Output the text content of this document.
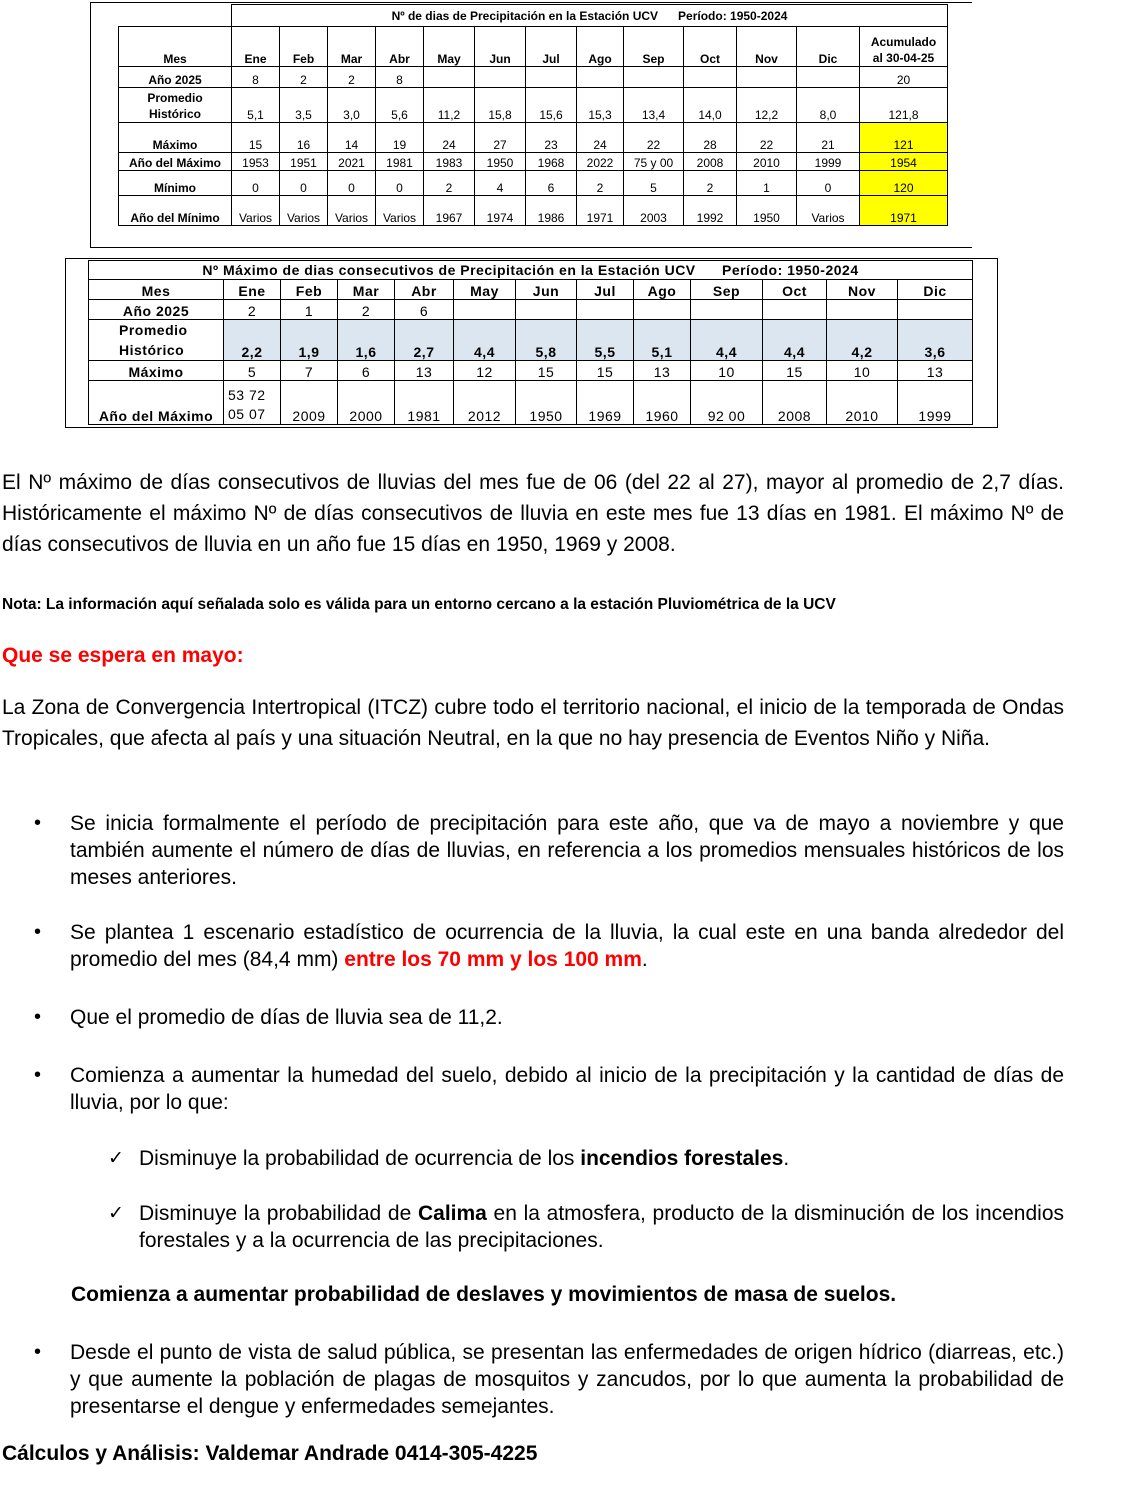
	Nº de dias de Precipitación en la Estación UCV      Período: 1950-2024												
Mes	Ene	Feb	Mar	Abr	May	Jun	Jul	Ago	Sep	Oct	Nov	Dic	Acumulado
al 30-04-25

Año 2025	8	2	2	8									20

Promedio
Histórico	5,1	3,5	3,0	5,6	11,2	15,8	15,6	15,3	13,4	14,0	12,2	8,0	121,8
Máximo	15	16	14	19	24	27	23	24	22	28	22	21	121
Año del Máximo	1953	1951	2021	1981	1983	1950	1968	2022	75 y 00	2008	2010	1999	1954
Mínimo	0	0	0	0	2	4	6	2	5	2	1	0	120
Año del Mínimo	Varios	Varios	Varios	Varios	1967	1974	1986	1971	2003	1992	1950	Varios	1971
Nº Máximo de dias consecutivos de Precipitación en la Estación UCV      Período: 1950-2024												
Mes	Ene	Feb	Mar	Abr	May	Jun	Jul	Ago	Sep	Oct	Nov	Dic
Año 2025	2	1	2	6								

Promedio
Histórico	2,2	1,9	1,6	2,7	4,4	5,8	5,5	5,1	4,4	4,4	4,2	3,6
Máximo	5	7	6	13	12	15	15	13	10	15	10	13
Año del Máximo	53 72
05 07	2009	2000	1981	2012	1950	1969	1960	92 00	2008	2010	1999
El Nº máximo de días consecutivos de lluvias del mes fue de 06 (del 22 al 27), mayor al promedio de 2,7 días. Históricamente el máximo Nº de días consecutivos de lluvia en este mes fue 13 días en 1981. El máximo Nº de días consecutivos de lluvia en un año fue 15 días en 1950, 1969 y 2008.
Nota: La información aquí señalada solo es válida para un entorno cercano a la estación Pluviométrica de la UCV
Que se espera en mayo:
La Zona de Convergencia Intertropical (ITCZ) cubre todo el territorio nacional, el inicio de la temporada de Ondas Tropicales, que afecta al país y una situación Neutral, en la que no hay presencia de Eventos Niño y Niña.
• Se inicia formalmente el período de precipitación para este año, que va de mayo a noviembre y que también aumente el número de días de lluvias, en referencia a los promedios mensuales históricos de los meses anteriores.
• Se plantea 1 escenario estadístico de ocurrencia de la lluvia, la cual este en una banda alrededor del promedio del mes (84,4 mm) entre los 70 mm y los 100 mm.
• Que el promedio de días de lluvia sea de 11,2.
• Comienza a aumentar la humedad del suelo, debido al inicio de la precipitación y la cantidad de días de lluvia, por lo que:
✓ Disminuye la probabilidad de ocurrencia de los incendios forestales.
✓ Disminuye la probabilidad de Calima en la atmosfera, producto de la disminución de los incendios forestales y a la ocurrencia de las precipitaciones.
Comienza a aumentar probabilidad de deslaves y movimientos de masa de suelos.
• Desde el punto de vista de salud pública, se presentan las enfermedades de origen hídrico (diarreas, etc.) y que aumente la población de plagas de mosquitos y zancudos, por lo que aumenta la probabilidad de presentarse el dengue y enfermedades semejantes.
Cálculos y Análisis: Valdemar Andrade 0414-305-4225
